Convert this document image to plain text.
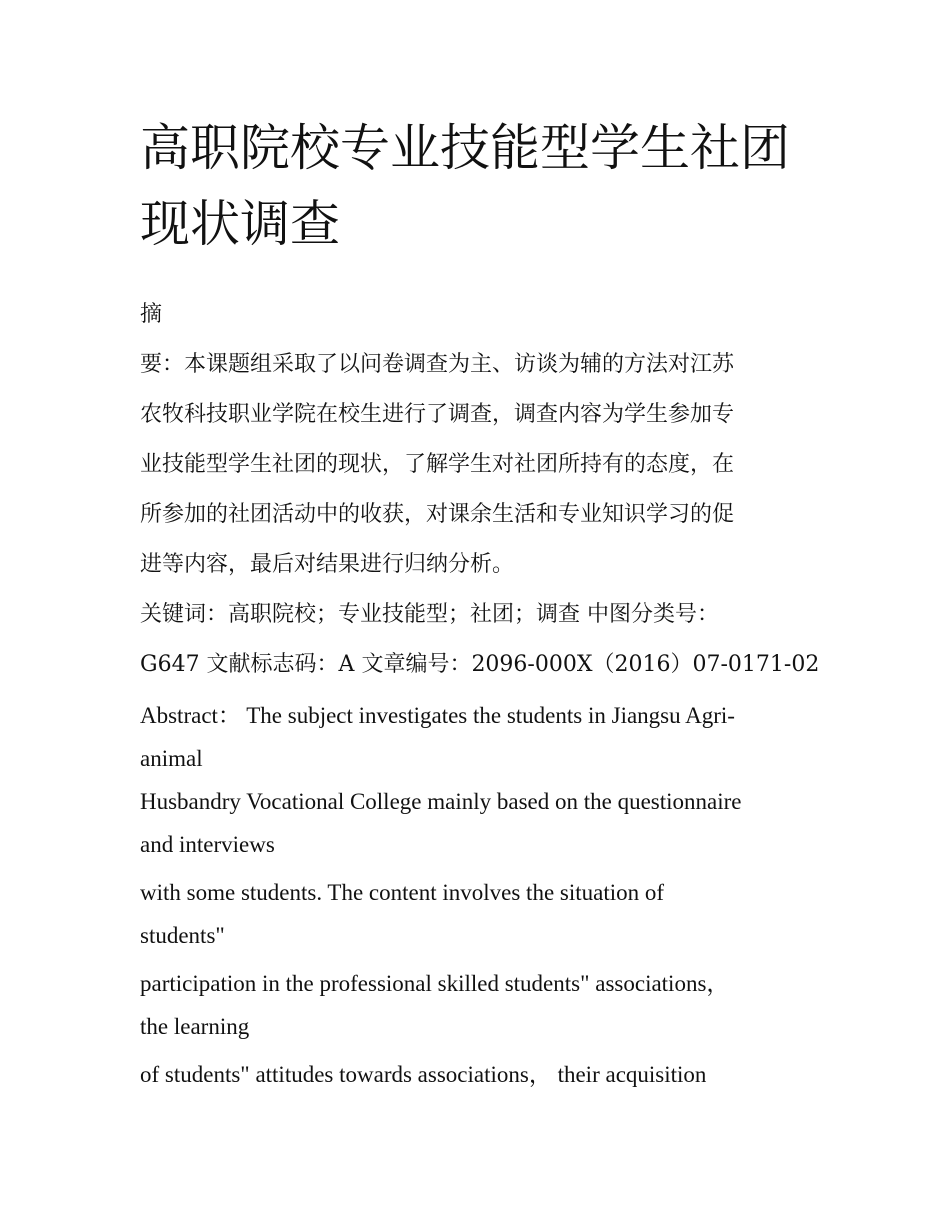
高职院校专业技能型学生社团
现状调查
摘
要：本课题组采取了以问卷调查为主、访谈为辅的方法对江苏
农牧科技职业学院在校生进行了调查，调查内容为学生参加专
业技能型学生社团的现状，了解学生对社团所持有的态度，在
所参加的社团活动中的收获，对课余生活和专业知识学习的促
进等内容，最后对结果进行归纳分析。
关键词：高职院校；专业技能型；社团；调查 中图分类号：
G647 文献标志码：A 文章编号：2096-000X（2016）07-0171-02
Abstract： The subject investigates the students in Jiangsu Agri-
animal
Husbandry Vocational College mainly based on the questionnaire
and interviews
with some students. The content involves the situation of
students"
participation in the professional skilled students" associations，
the learning
of students" attitudes towards associations， their acquisition
